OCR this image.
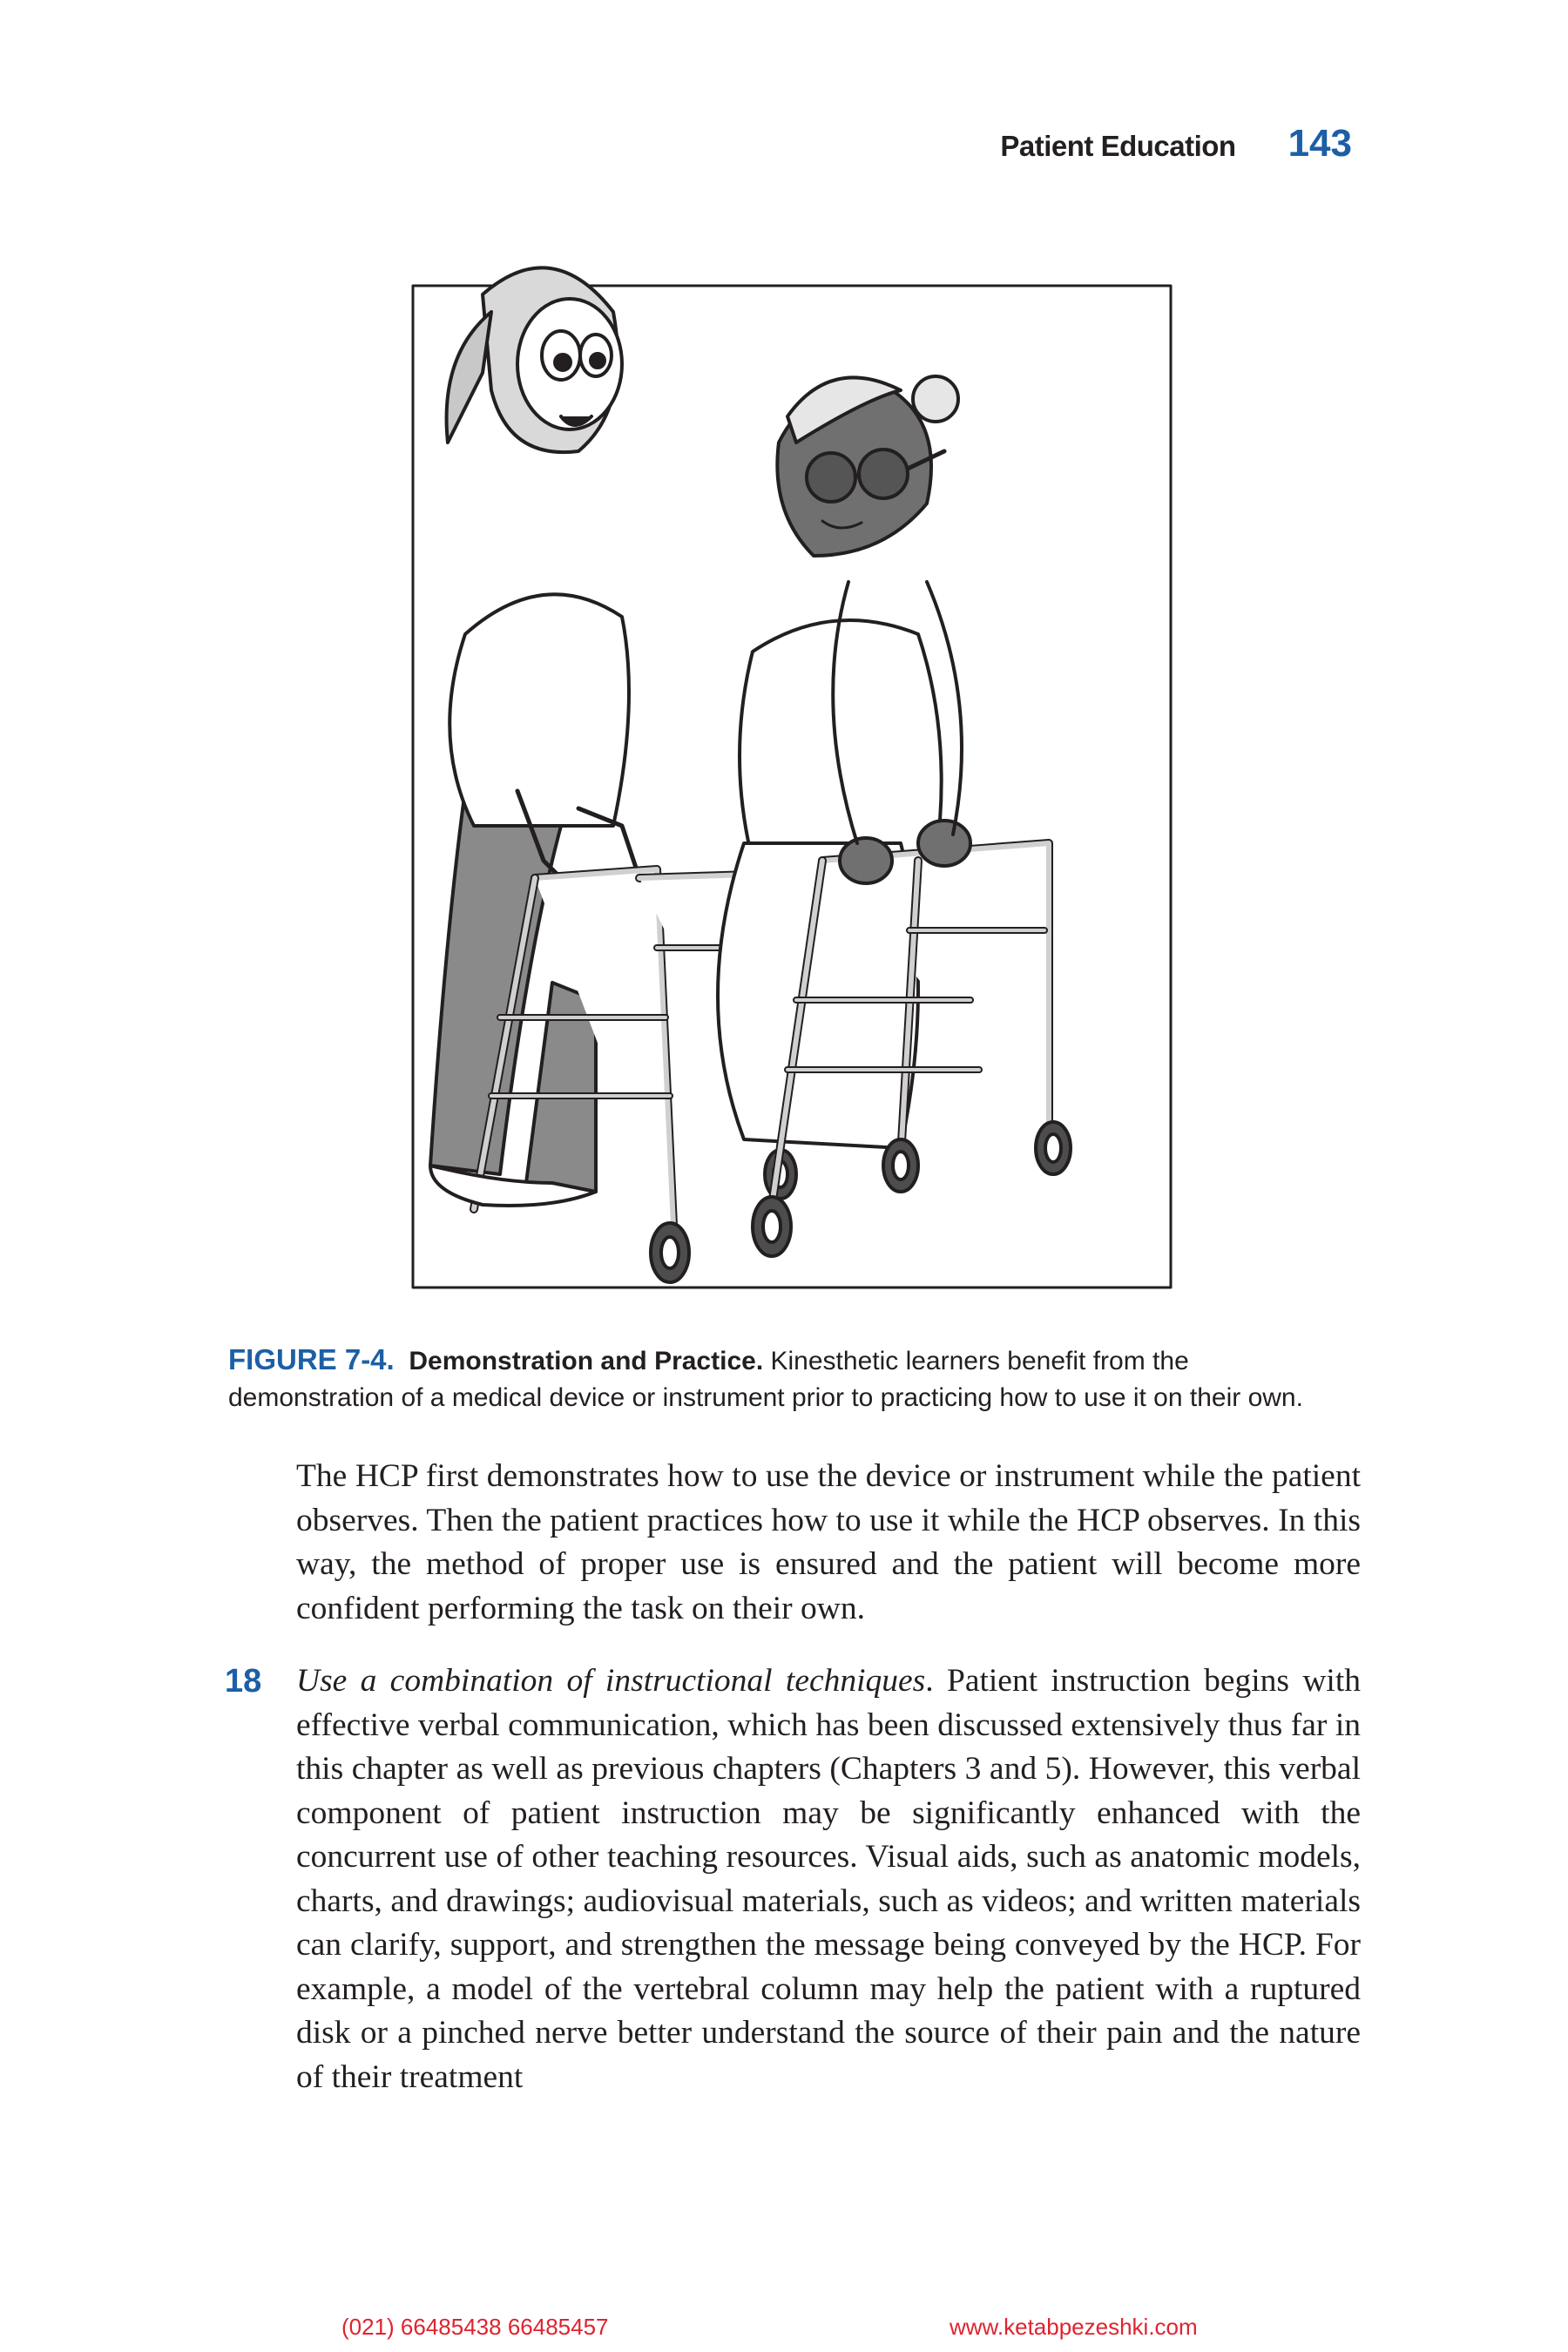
Patient Education 143
FIGURE 7-4. Demonstration and Practice. Kinesthetic learners benefit from the demonstration of a medical device or instrument prior to practicing how to use it on their own.
The HCP first demonstrates how to use the device or instrument while the patient observes. Then the patient practices how to use it while the HCP observes. In this way, the method of proper use is ensured and the patient will become more confident performing the task on their own.
18 Use a combination of instructional techniques. Patient instruction begins with effective verbal communication, which has been discussed extensively thus far in this chapter as well as previous chapters (Chapters 3 and 5). However, this verbal component of patient instruction may be significantly enhanced with the concurrent use of other teaching resources. Visual aids, such as anatomic models, charts, and drawings; audiovisual materials, such as videos; and written materials can clarify, support, and strengthen the message being conveyed by the HCP. For example, a model of the vertebral column may help the patient with a ruptured disk or a pinched nerve better understand the source of their pain and the nature of their treatment
(021) 66485438 66485457	www.ketabpezeshki.com
